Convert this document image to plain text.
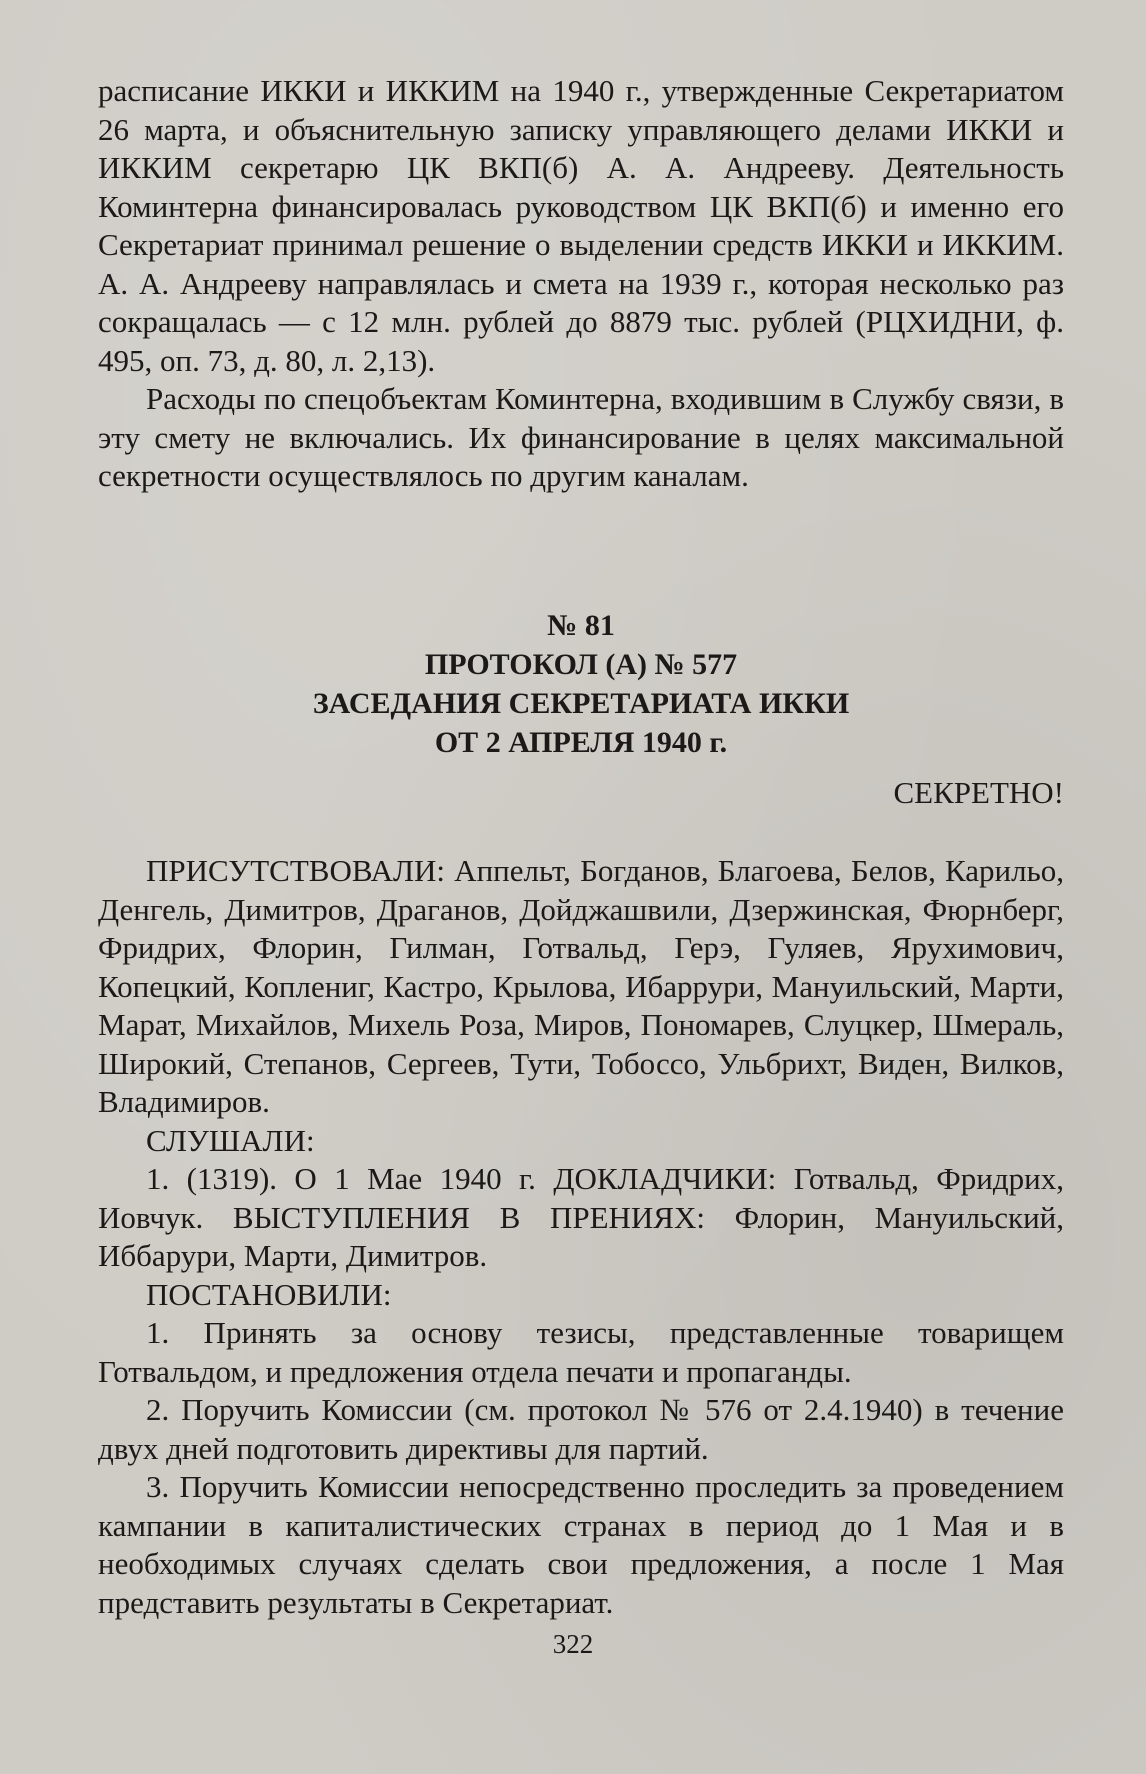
расписание ИККИ и ИККИМ на 1940 г., утвержденные Секретариатом 26 марта, и объяснительную записку управляющего делами ИККИ и ИККИМ секретарю ЦК ВКП(б) А. А. Андрееву. Деятельность Коминтерна финансировалась руководством ЦК ВКП(б) и именно его Секретариат принимал решение о выделении средств ИККИ и ИККИМ. А. А. Андрееву направлялась и смета на 1939 г., которая несколько раз сокращалась — с 12 млн. рублей до 8879 тыс. рублей (РЦХИДНИ, ф. 495, оп. 73, д. 80, л. 2,13).

Расходы по спецобъектам Коминтерна, входившим в Службу связи, в эту смету не включались. Их финансирование в целях максимальной секретности осуществлялось по другим каналам.

№ 81
ПРОТОКОЛ (А) № 577
ЗАСЕДАНИЯ СЕКРЕТАРИАТА ИККИ
ОТ 2 АПРЕЛЯ 1940 г.
СЕКРЕТНО!

ПРИСУТСТВОВАЛИ: Аппельт, Богданов, Благоева, Белов, Карильо, Денгель, Димитров, Драганов, Дойджашвили, Дзержинская, Фюрнберг, Фридрих, Флорин, Гилман, Готвальд, Герэ, Гуляев, Ярухимович, Копецкий, Коплениг, Кастро, Крылова, Ибаррури, Мануильский, Марти, Марат, Михайлов, Михель Роза, Миров, Пономарев, Слуцкер, Шмераль, Широкий, Степанов, Сергеев, Тути, Тобоссо, Ульбрихт, Виден, Вилков, Владимиров.

СЛУШАЛИ:

1. (1319). О 1 Мае 1940 г. ДОКЛАДЧИКИ: Готвальд, Фридрих, Иовчук. ВЫСТУПЛЕНИЯ В ПРЕНИЯХ: Флорин, Мануильский, Иббарури, Марти, Димитров.

ПОСТАНОВИЛИ:

1. Принять за основу тезисы, представленные товарищем Готвальдом, и предложения отдела печати и пропаганды.

2. Поручить Комиссии (см. протокол № 576 от 2.4.1940) в течение двух дней подготовить директивы для партий.

3. Поручить Комиссии непосредственно проследить за проведением кампании в капиталистических странах в период до 1 Мая и в необходимых случаях сделать свои предложения, а после 1 Мая представить результаты в Секретариат.

322
